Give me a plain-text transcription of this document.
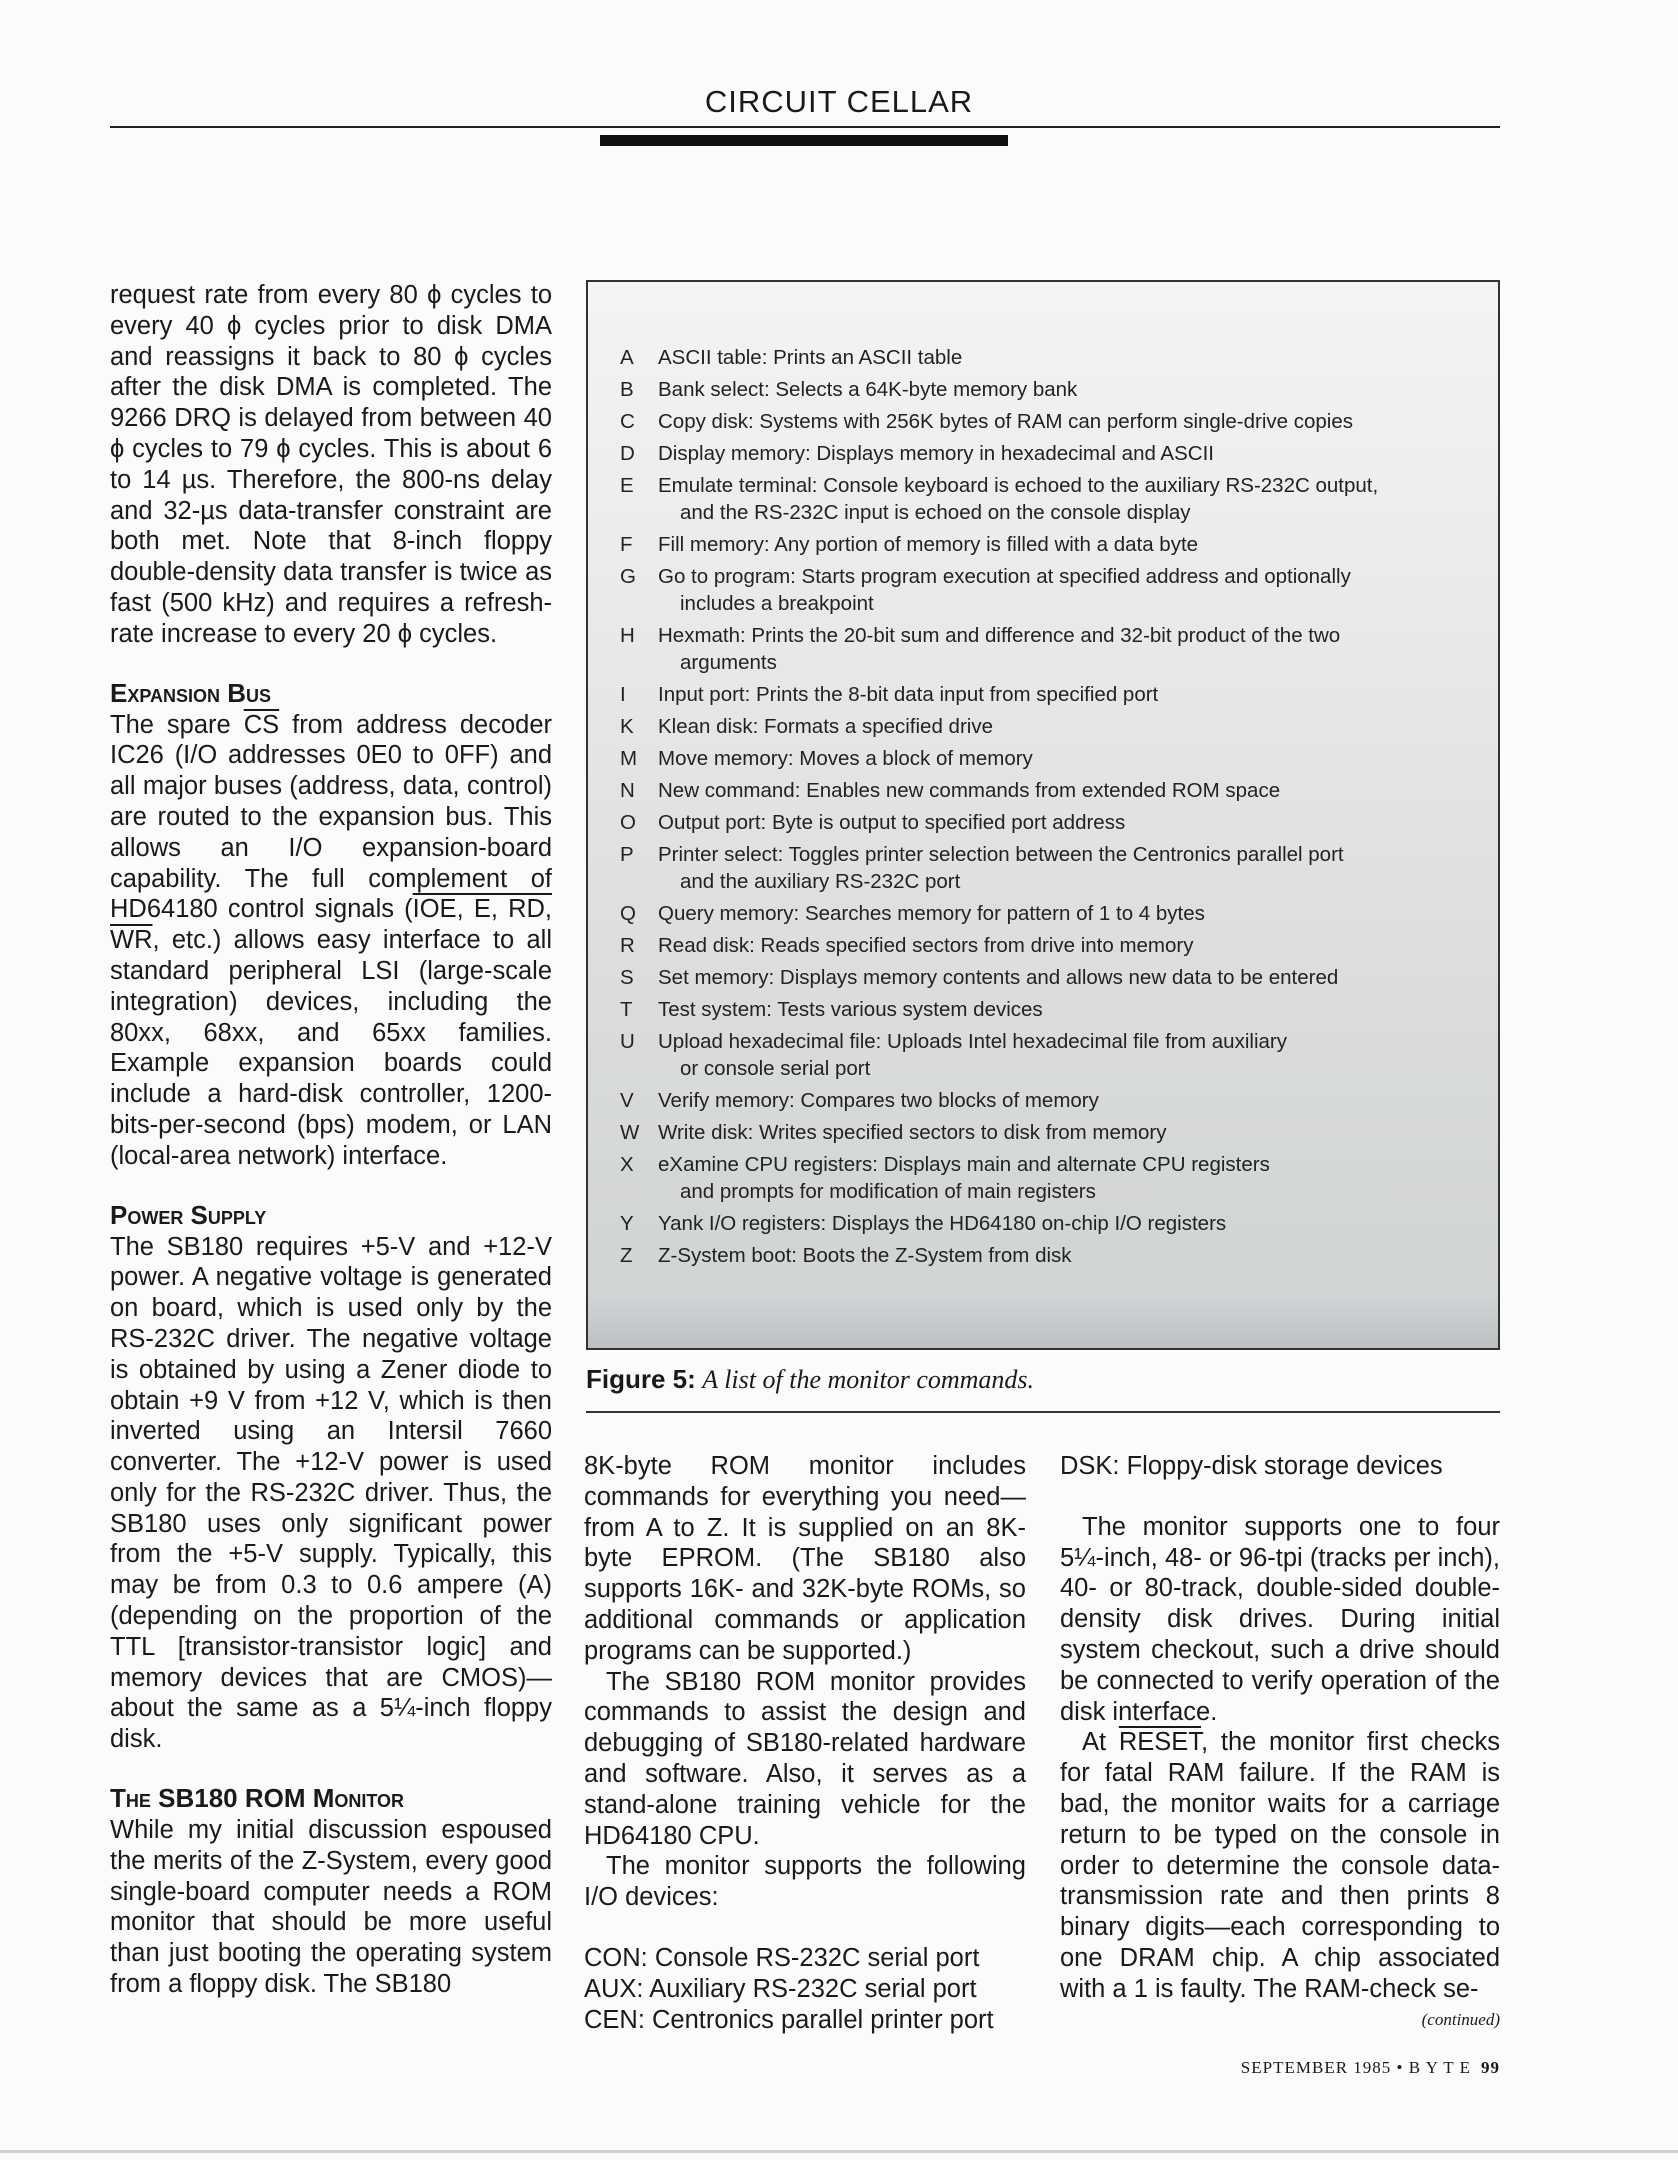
CIRCUIT CELLAR

request rate from every 80 ϕ cycles to every 40 ϕ cycles prior to disk DMA and reassigns it back to 80 ϕ cycles after the disk DMA is completed. The 9266 DRQ is delayed from between 40 ϕ cycles to 79 ϕ cycles. This is about 6 to 14 µs. Therefore, the 800-ns delay and 32-µs data-transfer constraint are both met. Note that 8-inch floppy double-density data transfer is twice as fast (500 kHz) and requires a refresh-rate increase to every 20 ϕ cycles.

Expansion Bus

The spare $\overline{CS}$ from address decoder IC26 (I/O addresses 0E0 to 0FF) and all major buses (address, data, control) are routed to the expansion bus. This allows an I/O expansion-board capability. The full complement of HD64180 control signals (IOE, E, RD, WR, etc.) allows easy interface to all standard peripheral LSI (large-scale integration) devices, including the 80xx, 68xx, and 65xx families. Example expansion boards could include a hard-disk controller, 1200-bits-per-second (bps) modem, or LAN (local-area network) interface.

Power Supply

The SB180 requires +5-V and +12-V power. A negative voltage is generated on board, which is used only by the RS-232C driver. The negative voltage is obtained by using a Zener diode to obtain +9 V from +12 V, which is then inverted using an Intersil 7660 converter. The +12-V power is used only for the RS-232C driver. Thus, the SB180 uses only significant power from the +5-V supply. Typically, this may be from 0.3 to 0.6 ampere (A) (depending on the proportion of the TTL [transistor-transistor logic] and memory devices that are CMOS)—about the same as a 5¼-inch floppy disk.

The SB180 ROM Monitor

While my initial discussion espoused the merits of the Z-System, every good single-board computer needs a ROM monitor that should be more useful than just booting the operating system from a floppy disk. The SB180

A	ASCII table: Prints an ASCII table
B	Bank select: Selects a 64K-byte memory bank
C	Copy disk: Systems with 256K bytes of RAM can perform single-drive copies
D	Display memory: Displays memory in hexadecimal and ASCII
E	Emulate terminal: Console keyboard is echoed to the auxiliary RS-232C output,
and the RS-232C input is echoed on the console display
F	Fill memory: Any portion of memory is filled with a data byte
G	Go to program: Starts program execution at specified address and optionally
includes a breakpoint
H	Hexmath: Prints the 20-bit sum and difference and 32-bit product of the two
arguments
I	Input port: Prints the 8-bit data input from specified port
K	Klean disk: Formats a specified drive
M	Move memory: Moves a block of memory
N	New command: Enables new commands from extended ROM space
O	Output port: Byte is output to specified port address
P	Printer select: Toggles printer selection between the Centronics parallel port
and the auxiliary RS-232C port
Q	Query memory: Searches memory for pattern of 1 to 4 bytes
R	Read disk: Reads specified sectors from drive into memory
S	Set memory: Displays memory contents and allows new data to be entered
T	Test system: Tests various system devices
U	Upload hexadecimal file: Uploads Intel hexadecimal file from auxiliary
or console serial port
V	Verify memory: Compares two blocks of memory
W Write disk: Writes specified sectors to disk from memory
X	eXamine CPU registers: Displays main and alternate CPU registers
and prompts for modification of main registers
Y	Yank I/O registers: Displays the HD64180 on-chip I/O registers
Z	Z-System boot: Boots the Z-System from disk
Figure 5: A list of the monitor commands.

8K-byte ROM monitor includes commands for everything you need—from A to Z. It is supplied on an 8K-byte EPROM. (The SB180 also supports 16K- and 32K-byte ROMs, so additional commands or application programs can be supported.)

The SB180 ROM monitor provides commands to assist the design and debugging of SB180-related hardware and software. Also, it serves as a stand-alone training vehicle for the HD64180 CPU.

The monitor supports the following I/O devices:

CON: Console RS-232C serial port
AUX: Auxiliary RS-232C serial port
CEN: Centronics parallel printer port
DSK: Floppy-disk storage devices

The monitor supports one to four 5¼-inch, 48- or 96-tpi (tracks per inch), 40- or 80-track, double-sided double-density disk drives. During initial system checkout, such a drive should be connected to verify operation of the disk interface.

At RESET, the monitor first checks for fatal RAM failure. If the RAM is bad, the monitor waits for a carriage return to be typed on the console in order to determine the console data-transmission rate and then prints 8 binary digits—each corresponding to one DRAM chip. A chip associated with a 1 is faulty. The RAM-check se-

(continued)
SEPTEMBER 1985 • B Y T E 99
